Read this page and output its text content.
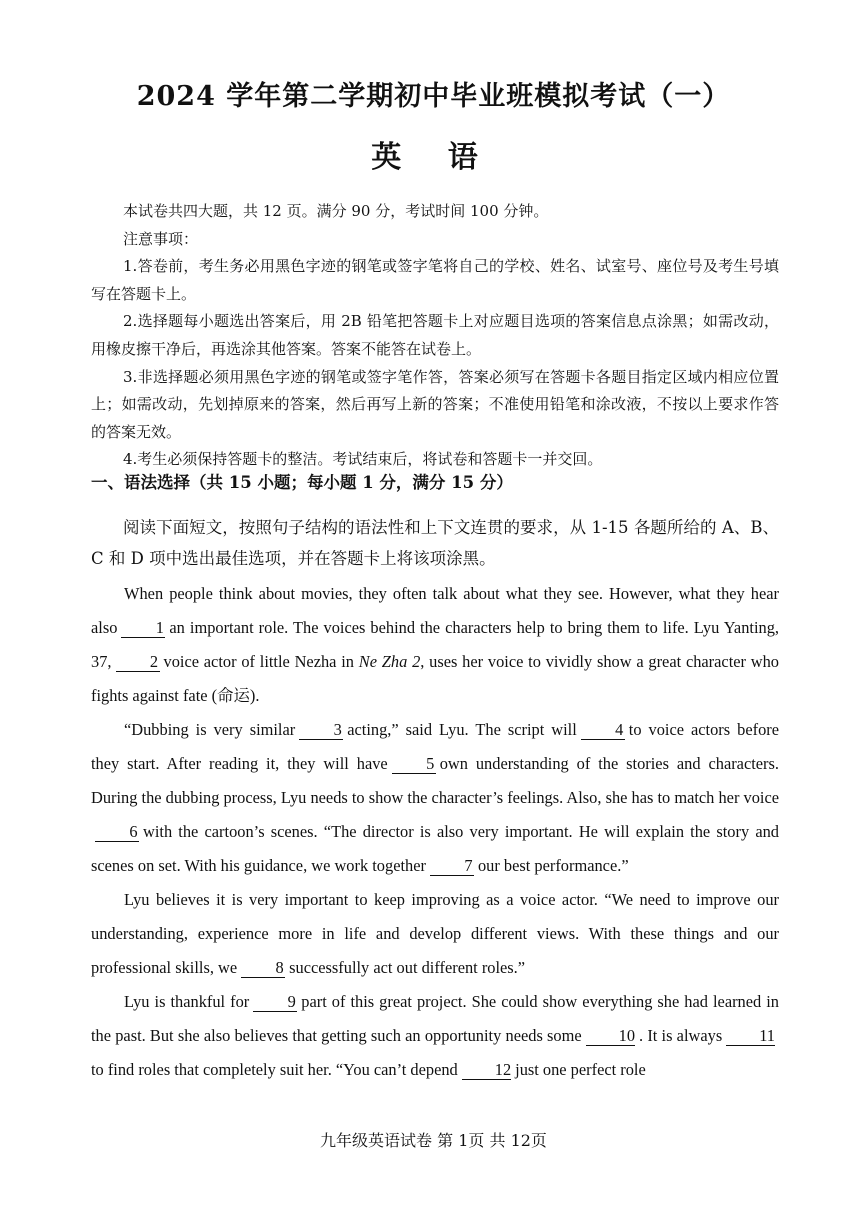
2024 学年第二学期初中毕业班模拟考试（一）
英 语

本试卷共四大题，共 12 页。满分 90 分，考试时间 100 分钟。

注意事项：

1.答卷前，考生务必用黑色字迹的钢笔或签字笔将自己的学校、姓名、试室号、座位号及考生号填写在答题卡上。

2.选择题每小题选出答案后，用 2B 铅笔把答题卡上对应题目选项的答案信息点涂黑；如需改动，用橡皮擦干净后，再选涂其他答案。答案不能答在试卷上。

3.非选择题必须用黑色字迹的钢笔或签字笔作答，答案必须写在答题卡各题目指定区域内相应位置上；如需改动，先划掉原来的答案，然后再写上新的答案；不准使用铅笔和涂改液，不按以上要求作答的答案无效。

4.考生必须保持答题卡的整洁。考试结束后，将试卷和答题卡一并交回。

一、语法选择（共 15 小题；每小题 1 分，满分 15 分）

阅读下面短文，按照句子结构的语法性和上下文连贯的要求，从 1-15 各题所给的 A、B、C 和 D 项中选出最佳选项，并在答题卡上将该项涂黑。

When people think about movies, they often talk about what they see. However, what they hear also 1 an important role. The voices behind the characters help to bring them to life. Lyu Yanting, 37, 2 voice actor of little Nezha in Ne Zha 2, uses her voice to vividly show a great character who fights against fate (命运).

“Dubbing is very similar 3 acting,” said Lyu. The script will 4 to voice actors before they start. After reading it, they will have 5 own understanding of the stories and characters. During the dubbing process, Lyu needs to show the character’s feelings. Also, she has to match her voice6 with the cartoon’s scenes. “The director is also very important. He will explain the story and scenes on set. With his guidance, we work together 7 our best performance.”

Lyu believes it is very important to keep improving as a voice actor. “We need to improve our understanding, experience more in life and develop different views. With these things and our professional skills, we 8 successfully act out different roles.”

Lyu is thankful for 9 part of this great project. She could show everything she had learned in the past. But she also believes that getting such an opportunity needs some 10 . It is always 11to find roles that completely suit her. “You can’t depend 12 just one perfect role

九年级英语试卷 第 1页 共 12页
